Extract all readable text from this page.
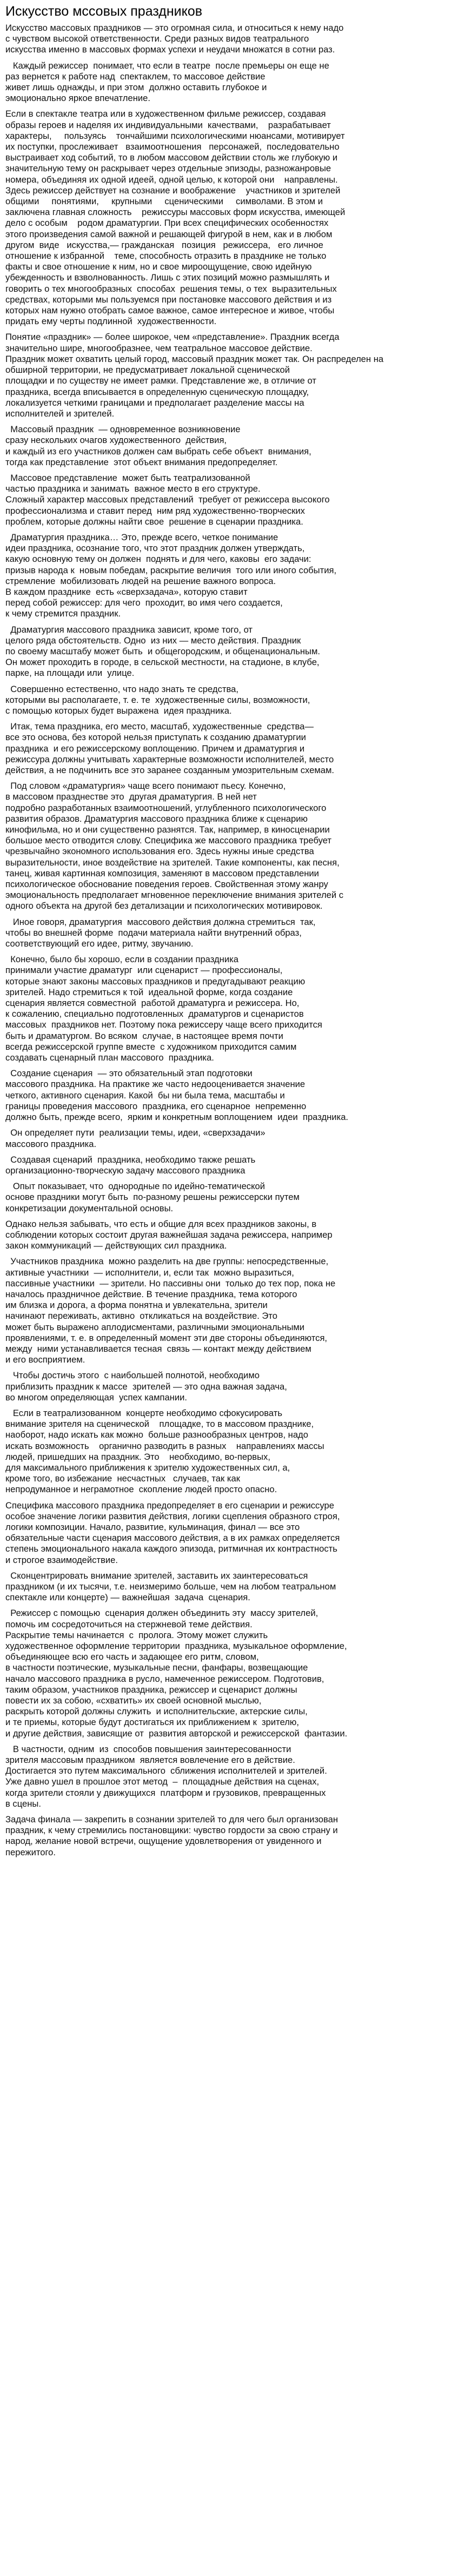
Искусство мссовых праздников

Искусство массовых праздников — это огромная сила, и относиться к нему надо
с чувством высокой ответственности. Среди разных видов театрального
искусства именно в массовых формах успехи и неудачи множатся в сотни раз.

Каждый режиссер  понимает, что если в театре  после премьеры он еще не
раз вернется к работе над  спектаклем, то массовое действие
живет лишь однажды, и при этом  должно оставить глубокое и
эмоционально яркое впечатление.

Если в спектакле театра или в художественном фильме режиссер, создавая
образы героев и наделяя их индивидуальными  качествами,    разрабатывает
характеры,     пользуясь    тончайшими психологическими нюансами, мотивирует
их поступки, прослеживает   взаимоотношения   персонажей,  последовательно
выстраивает ход событий, то в любом массовом действии столь же глубокую и
значительную тему он раскрывает через отдельные эпизоды, разножанровые
номера, объединяя их одной идеей, одной целью, к которой они    направлены.
Здесь режиссер действует на сознание и воображение    участников и зрителей
общими     понятиями,     крупными     сценическими     символами. В этом и
заключена главная сложность    режиссуры массовых форм искусства, имеющей
дело с особым    родом драматургии. При всех специфических особенностях
этого произведения самой важной и решающей фигурой в нем, как и в любом
другом  виде   искусства,— гражданская   позиция   режиссера,   его личное
отношение к избранной    теме, способность отразить в празднике не только
факты и свое отношение к ним, но и свое мироощущение, свою идейную
убежденность и взволнованность. Лишь с этих позиций можно размышлять и
говорить о тех многообразных  способах  решения темы, о тех  выразительных
средствах, которыми мы пользуемся при постановке массового действия и из
которых нам нужно отобрать самое важное, самое интересное и живое, чтобы
придать ему черты подлинной  художественности.

Понятие «праздник» — более широкое, чем «представление». Праздник всегда
значительно шире, многообразнее, чем театральное массовое действие.
Праздник может охватить целый город, массовый праздник может так. Он распределен на
обширной территории, не предусматривает локальной сценической
площадки и по существу не имеет рамки. Представление же, в отличие от
праздника, всегда вписывается в определенную сценическую площадку,
локализуется четкими границами и предполагает разделение массы на
исполнителей и зрителей.

Массовый праздник  — одновременное возникновение
сразу нескольких очагов художественного  действия,
и каждый из его участников должен сам выбрать себе объект  внимания,
тогда как представление  этот объект внимания предопределяет.

Массовое представление  может быть театрализованной
частью праздника и занимать  важное место в его структуре.
Сложный характер массовых представлений  требует от режиссера высокого
профессионализма и ставит перед  ним ряд художественно-творческих
проблем, которые должны найти свое  решение в сценарии праздника.

Драматургия праздника… Это, прежде всего, четкое понимание
идеи праздника, осознание того, что этот праздник должен утверждать,
какую основную тему он должен  поднять и для чего, каковы  его задачи:
призыв народа к  новым победам, раскрытие величия  того или иного события,
стремление  мобилизовать людей на решение важного вопроса.
В каждом празднике  есть «сверхзадача», которую ставит
перед собой режиссер: для чего  проходит, во имя чего создается,
к чему стремится праздник.

Драматургия массового праздника зависит, кроме того, от
целого ряда обстоятельств. Одно  из них — место действия. Праздник
по своему масштабу может быть  и общегородским, и общенациональным.
Он может проходить в городе, в сельской местности, на стадионе, в клубе,
парке, на площади или  улице.

Совершенно естественно, что надо знать те средства,
которыми вы располагаете, т. е. те  художественные силы, возможности,
с помощью которых будет выражена  идея праздника.

Итак, тема праздника, его место, масштаб, художественные  средства—
все это основа, без которой нельзя приступать к созданию драматургии
праздника  и его режиссерскому воплощению. Причем и драматургия и
режиссура должны учитывать характерные возможности исполнителей, место
действия, а не подчинить все это заранее созданным умозрительным схемам.

Под словом «драматургия» чаще всего понимают пьесу. Конечно,
в массовом празднестве это  другая драматургия. В ней нет
подробно разработанных взаимоотношений, углубленного психологического
развития образов. Драматургия массового праздника ближе к сценарию
кинофильма, но и они существенно разнятся. Так, например, в киносценарии
большое место отводится слову. Специфика же массового праздника требует
чрезвычайно экономного использования его. Здесь нужны иные средства
выразительности, иное воздействие на зрителей. Такие компоненты, как песня,
танец, живая картинная композиция, заменяют в массовом представлении
психологическое обоснование поведения героев. Свойственная этому жанру
эмоциональность предполагает мгновенное переключение внимания зрителей с
одного объекта на другой без детализации и психологических мотивировок.

Иное говоря, драматургия  массового действия должна стремиться  так,
чтобы во внешней форме  подачи материала найти внутренний образ,
соответствующий его идее, ритму, звучанию.

Конечно, было бы хорошо, если в создании праздника
принимали участие драматург  или сценарист — профессионалы,
которые знают законы массовых праздников и предугадывают реакцию
зрителей. Надо стремиться к той  идеальной форме, когда создание
сценария является совместной  работой драматурга и режиссера. Но,
к сожалению, специально подготовленных  драматургов и сценаристов
массовых  праздников нет. Поэтому пока режиссеру чаще всего приходится
быть и драматургом. Во всяком  случае, в настоящее время почти
всегда режиссерской группе вместе  с художником приходится самим
создавать сценарный план массового  праздника.

Создание сценария  — это обязательный этап подготовки
массового праздника. На практике же часто недооценивается значение
четкого, активного сценария. Какой  бы ни была тема, масштабы и
границы проведения массового  праздника, его сценарное  непременно
должно быть, прежде всего,  ярким и конкретным воплощением  идеи  праздника.

Он определяет пути  реализации темы, идеи, «сверхзадачи»
массового праздника.

Создавая сценарий  праздника, необходимо также решать
организационно-творческую задачу массового праздника

Опыт показывает, что  однородные по идейно-тематической
основе праздники могут быть  по-разному решены режиссерски путем
конкретизации документальной основы.

Однако нельзя забывать, что есть и общие для всех праздников законы, в
соблюдении которых состоит другая важнейшая задача режиссера, например
закон коммуникаций — действующих сил праздника.

Участников праздника  можно разделить на две группы: непосредственные,
активные участники  — исполнители, и, если так  можно выразиться,
пассивные участники  — зрители. Но пассивны они  только до тех пор, пока не
началось праздничное действие. В течение праздника, тема которого
им близка и дорога, а форма понятна и увлекательна, зрители
начинают переживать, активно  откликаться на воздействие. Это
может быть выражено аплодисментами, различными эмоциональными
проявлениями, т. е. в определенный момент эти две стороны объединяются,
между  ними устанавливается тесная  связь — контакт между действием
и его восприятием.

Чтобы достичь этого  с наибольшей полнотой, необходимо
приблизить праздник к массе  зрителей — это одна важная задача,
во многом определяющая  успех кампании.

Если в театрализованном  концерте необходимо сфокусировать
внимание зрителя на сценической    площадке, то в массовом празднике,
наоборот, надо искать как можно  больше разнообразных центров, надо
искать возможность    органично разводить в разных    направлениях массы
людей, пришедших на праздник. Это    необходимо, во-первых,
для максимального приближения к зрителю художественных сил, а,
кроме того, во избежание  несчастных   случаев, так как
непродуманное и неграмотное  скопление людей просто опасно.

Специфика массового праздника предопределяет в его сценарии и режиссуре
особое значение логики развития действия, логики сцепления образного строя,
логики композиции. Начало, развитие, кульминация, финал — все это
обязательные части сценария массового действия, а в их рамках определяется
степень эмоционального накала каждого эпизода, ритмичная их контрастность
и строгое взаимодействие.

Сконцентрировать внимание зрителей, заставить их заинтересоваться
праздником (и их тысячи, т.е. неизмеримо больше, чем на любом театральном
спектакле или концерте) — важнейшая  задача  сценария.

Режиссер с помощью  сценария должен объединить эту  массу зрителей,
помочь им сосредоточиться на стержневой теме действия.
Раскрытие темы начинается  с  пролога. Этому может служить
художественное оформление территории  праздника, музыкальное оформление,
объединяющее всю его часть и задающее его ритм, словом,
в частности поэтические, музыкальные песни, фанфары, возвещающие
начало массового праздника в русло, намеченное режиссером. Подготовив,
таким образом, участников праздника, режиссер и сценарист должны
повести их за собою, «схватить» их своей основной мыслью,
раскрыть которой должны служить  и исполнительские, актерские силы,
и те приемы, которые будут достигаться их приближением к  зрителю,
и другие действия, зависящие от  развития авторской и режиссерской  фантазии.

В частности, одним  из  способов повышения заинтересованности
зрителя массовым праздником  является вовлечение его в действие.
Достигается это путем максимального  сближения исполнителей и зрителей.
Уже давно ушел в прошлое этот метод  ‒  площадные действия на сценах,
когда зрители стояли у движущихся  платформ и грузовиков, превращенных
в сцены.

Задача финала — закрепить в сознании зрителей то для чего был организован
праздник, к чему стремились постановщики: чувство гордости за свою страну и
народ, желание новой встречи, ощущение удовлетворения от увиденного и
пережитого.
